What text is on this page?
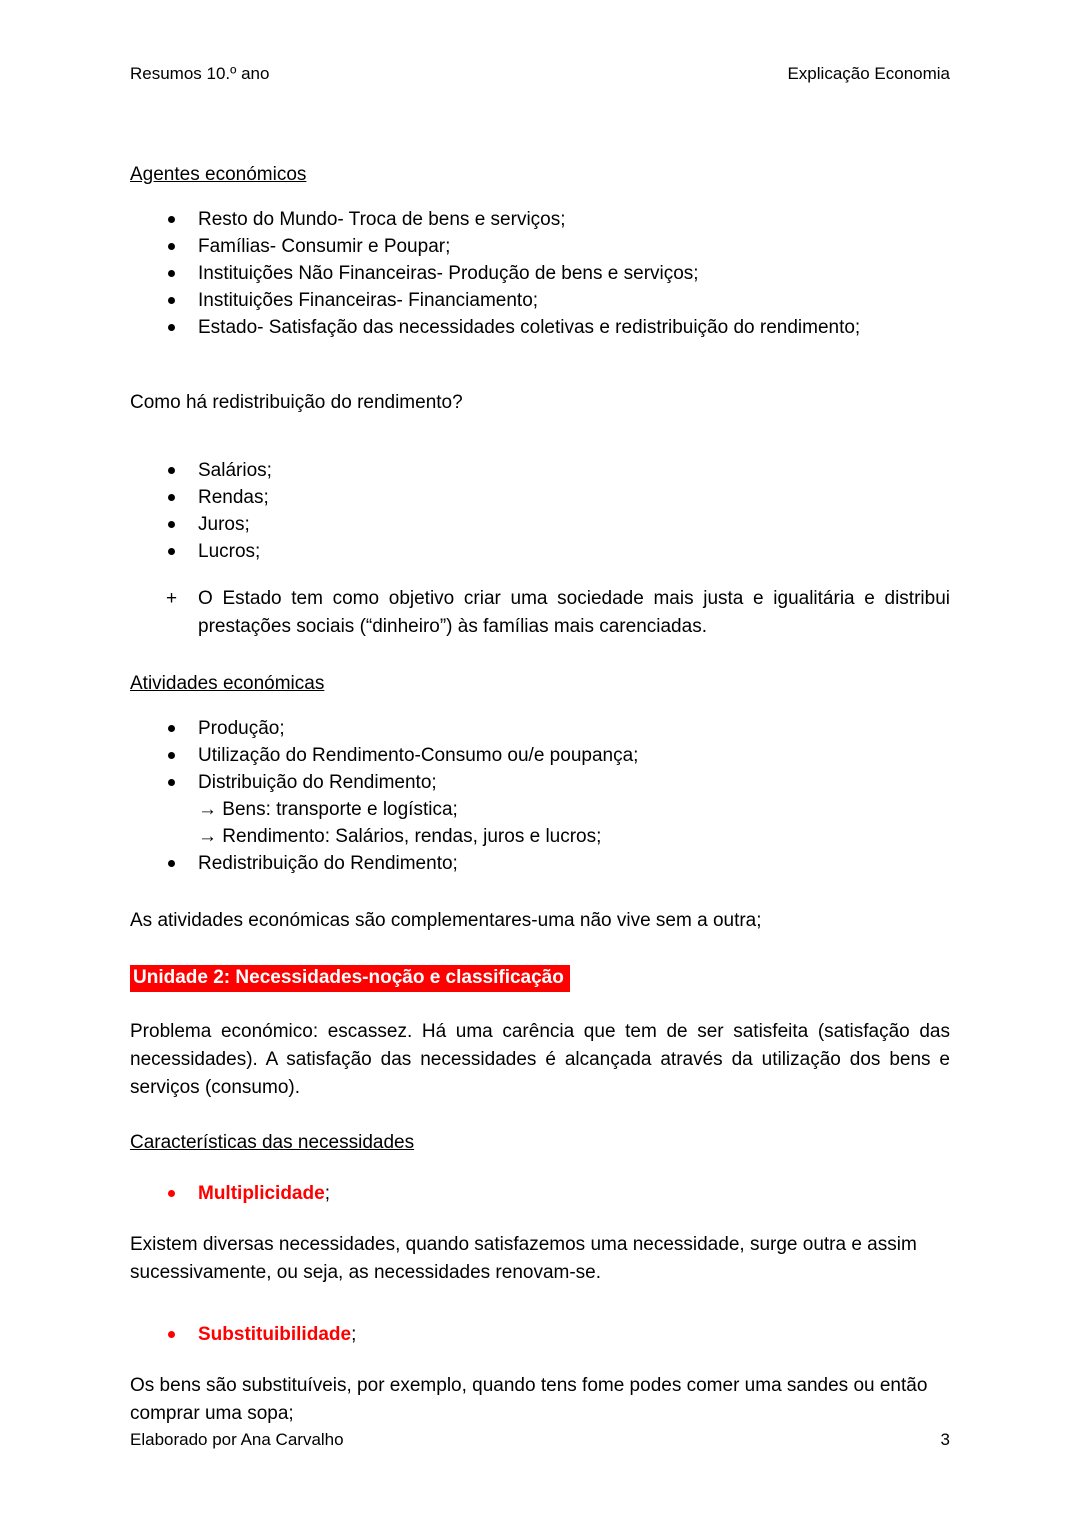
Resumos 10.º ano	Explicação Economia
Agentes económicos
Resto do Mundo- Troca de bens e serviços;
Famílias- Consumir e Poupar;
Instituições Não Financeiras- Produção de bens e serviços;
Instituições Financeiras- Financiamento;
Estado- Satisfação das necessidades coletivas e redistribuição do rendimento;

Como há redistribuição do rendimento?

Salários;
Rendas;
Juros;
Lucros;
+ O Estado tem como objetivo criar uma sociedade mais justa e igualitária e distribui prestações sociais (“dinheiro”) às famílias mais carenciadas.

Atividades económicas
Produção;
Utilização do Rendimento-Consumo ou/e poupança;
Distribuição do Rendimento;
→ Bens: transporte e logística;
→ Rendimento: Salários, rendas, juros e lucros;
Redistribuição do Rendimento;

As atividades económicas são complementares-uma não vive sem a outra;

Unidade 2: Necessidades-noção e classificação

Problema económico: escassez. Há uma carência que tem de ser satisfeita (satisfação das necessidades). A satisfação das necessidades é alcançada através da utilização dos bens e serviços (consumo).

Características das necessidades
Multiplicidade;

Existem diversas necessidades, quando satisfazemos uma necessidade, surge outra e assim sucessivamente, ou seja, as necessidades renovam-se.

Substituibilidade;

Os bens são substituíveis, por exemplo, quando tens fome podes comer uma sandes ou então comprar uma sopa;

Elaborado por Ana Carvalho	3
